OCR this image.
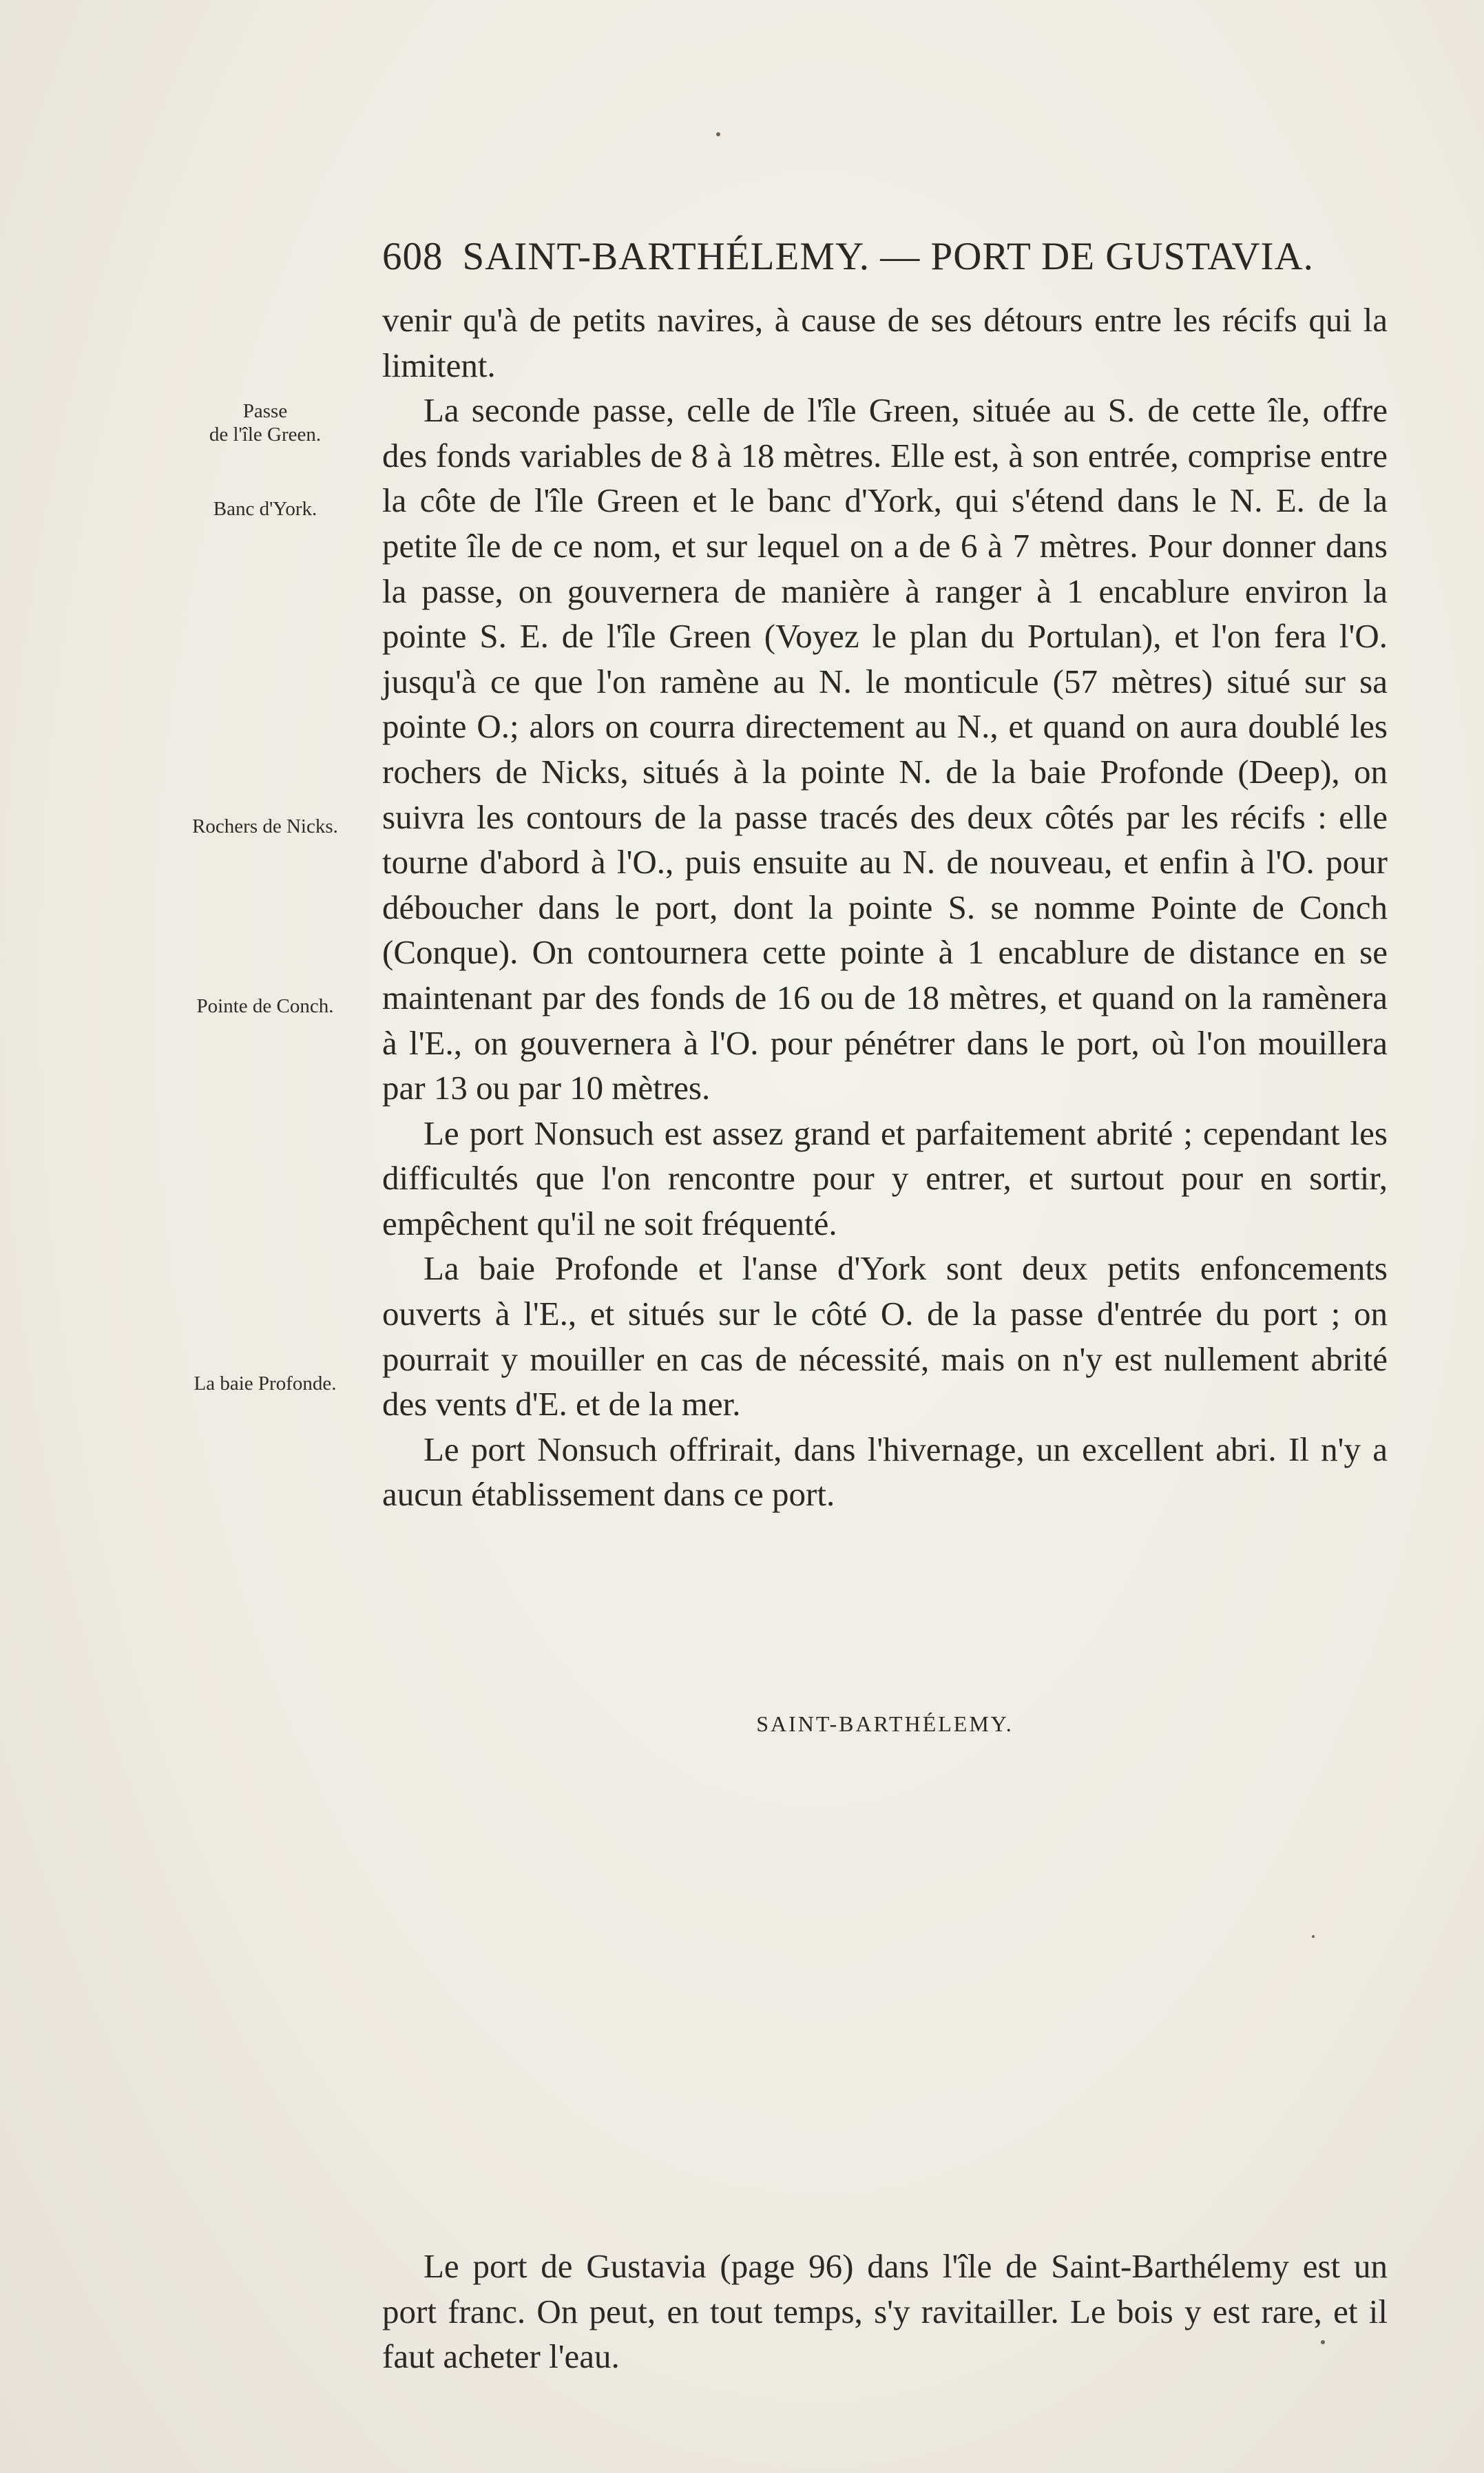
608 SAINT-BARTHÉLEMY. — PORT DE GUSTAVIA.
Passe
de l'île Green.
Banc d'York.
Rochers de Nicks.
Pointe de Conch.
La baie Profonde.

venir qu'à de petits navires, à cause de ses détours entre les récifs qui la limitent.

La seconde passe, celle de l'île Green, située au S. de cette île, offre des fonds variables de 8 à 18 mètres. Elle est, à son entrée, comprise entre la côte de l'île Green et le banc d'York, qui s'étend dans le N. E. de la petite île de ce nom, et sur lequel on a de 6 à 7 mètres. Pour donner dans la passe, on gouvernera de manière à ranger à 1 encablure environ la pointe S. E. de l'île Green (Voyez le plan du Portulan), et l'on fera l'O. jusqu'à ce que l'on ramène au N. le monticule (57 mètres) situé sur sa pointe O.; alors on courra directement au N., et quand on aura doublé les rochers de Nicks, situés à la pointe N. de la baie Profonde (Deep), on suivra les contours de la passe tracés des deux côtés par les récifs : elle tourne d'abord à l'O., puis ensuite au N. de nouveau, et enfin à l'O. pour déboucher dans le port, dont la pointe S. se nomme Pointe de Conch (Conque). On contournera cette pointe à 1 encablure de distance en se maintenant par des fonds de 16 ou de 18 mètres, et quand on la ramènera à l'E., on gouvernera à l'O. pour pénétrer dans le port, où l'on mouillera par 13 ou par 10 mètres.

Le port Nonsuch est assez grand et parfaitement abrité ; cependant les difficultés que l'on rencontre pour y entrer, et surtout pour en sortir, empêchent qu'il ne soit fréquenté.

La baie Profonde et l'anse d'York sont deux petits enfoncements ouverts à l'E., et situés sur le côté O. de la passe d'entrée du port ; on pourrait y mouiller en cas de nécessité, mais on n'y est nullement abrité des vents d'E. et de la mer.

Le port Nonsuch offrirait, dans l'hivernage, un excellent abri. Il n'y a aucun établissement dans ce port.

SAINT-BARTHÉLEMY.

Le port de Gustavia (page 96) dans l'île de Saint-Barthélemy est un port franc. On peut, en tout temps, s'y ravitailler. Le bois y est rare, et il faut acheter l'eau.
